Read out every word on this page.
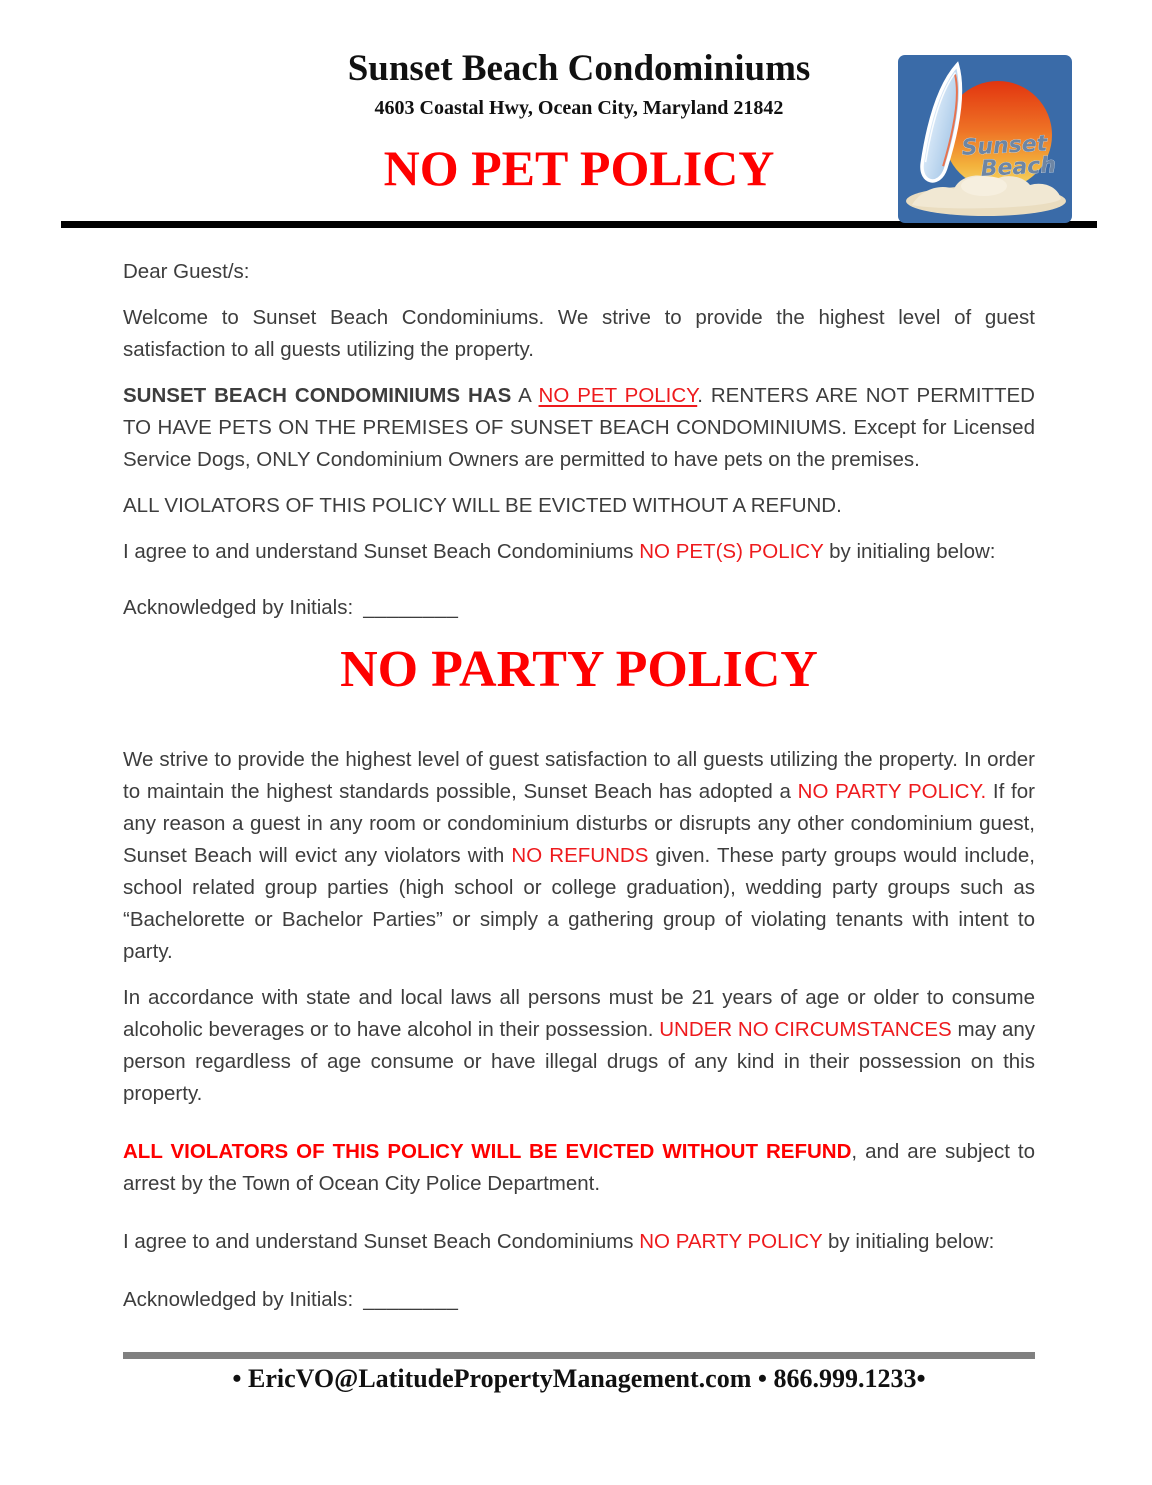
Sunset Beach Condominiums
4603 Coastal Hwy, Ocean City, Maryland 21842
NO PET POLICY	Sunset
Beach

Dear Guest/s:

Welcome to Sunset Beach Condominiums. We strive to provide the highest level of guest satisfaction to all guests utilizing the property.

SUNSET BEACH CONDOMINIUMS HAS A NO PET POLICY. RENTERS ARE NOT PERMITTED TO HAVE PETS ON THE PREMISES OF SUNSET BEACH CONDOMINIUMS. Except for Licensed Service Dogs, ONLY Condominium Owners are permitted to have pets on the premises.

ALL VIOLATORS OF THIS POLICY WILL BE EVICTED WITHOUT A REFUND.

I agree to and understand Sunset Beach Condominiums NO PET(S) POLICY by initialing below:

Acknowledged by Initials: ________

NO PARTY POLICY

We strive to provide the highest level of guest satisfaction to all guests utilizing the property. In order to maintain the highest standards possible, Sunset Beach has adopted a NO PARTY POLICY. If for any reason a guest in any room or condominium disturbs or disrupts any other condominium guest, Sunset Beach will evict any violators with NO REFUNDS given. These party groups would include, school related group parties (high school or college graduation), wedding party groups such as “Bachelorette or Bachelor Parties” or simply a gathering group of violating tenants with intent to party.

In accordance with state and local laws all persons must be 21 years of age or older to consume alcoholic beverages or to have alcohol in their possession. UNDER NO CIRCUMSTANCES may any person regardless of age consume or have illegal drugs of any kind in their possession on this property.

ALL VIOLATORS OF THIS POLICY WILL BE EVICTED WITHOUT REFUND, and are subject to arrest by the Town of Ocean City Police Department.

I agree to and understand Sunset Beach Condominiums NO PARTY POLICY by initialing below:

Acknowledged by Initials: ________

• EricVO@LatitudePropertyManagement.com • 866.999.1233•
